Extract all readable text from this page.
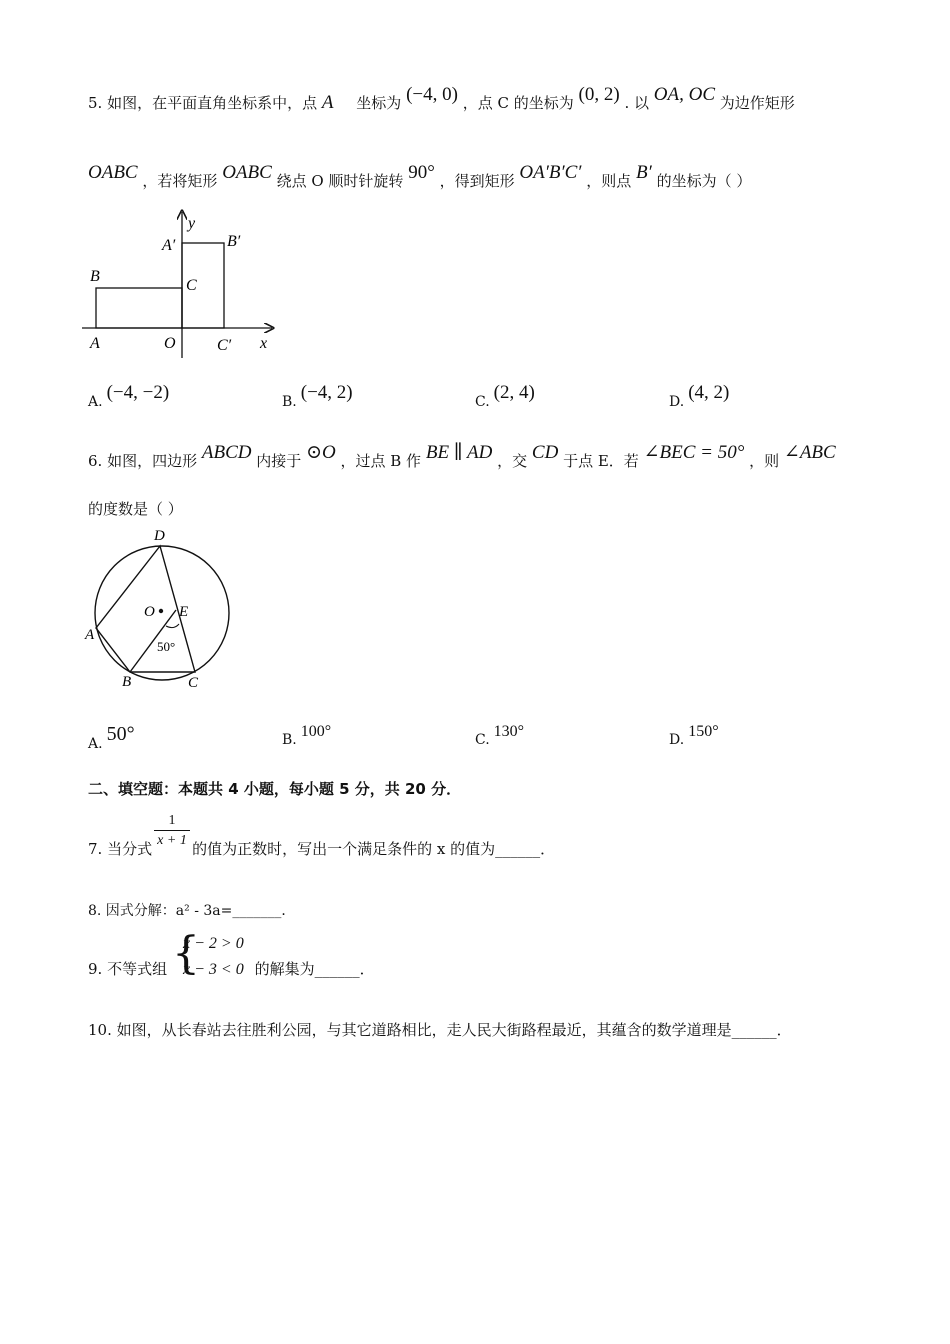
5. 如图，在平面直角坐标系中，点 A 坐标为 (−4, 0) ，点 C 的坐标为 (0, 2) . 以 OA, OC 为边作矩形
OABC ，若将矩形 OABC 绕点 O 顺时针旋转 90° ，得到矩形 OA′B′C′ ，则点 B′ 的坐标为（ ）
y
x
B
A	O
C
A′	B′
C′
A. (−4, −2)	B. (−4, 2)	C. (2, 4)	D. (4, 2)
6. 如图，四边形 ABCD 内接于 ⊙O ，过点 B 作 BE ∥ AD ，交 CD 于点 E．若 ∠BEC = 50° ，则 ∠ABC
的度数是（ ）
D
O E
A
B	C
50°
A. 50°	B. 100°	C. 130°	D. 150°
二、填空题：本题共 4 小题，每小题 5 分，共 20 分．
$\frac{1}{x + 1}$
7. 当分式	的值为正数时，写出一个满足条件的 x 的值为______．
8. 因式分解：a² - 3a=_______．
9. 不等式组	的解集为______．
{
x − 2 > 0
x − 3 < 0
10. 如图，从长春站去往胜利公园，与其它道路相比，走人民大街路程最近，其蕴含的数学道理是______．
